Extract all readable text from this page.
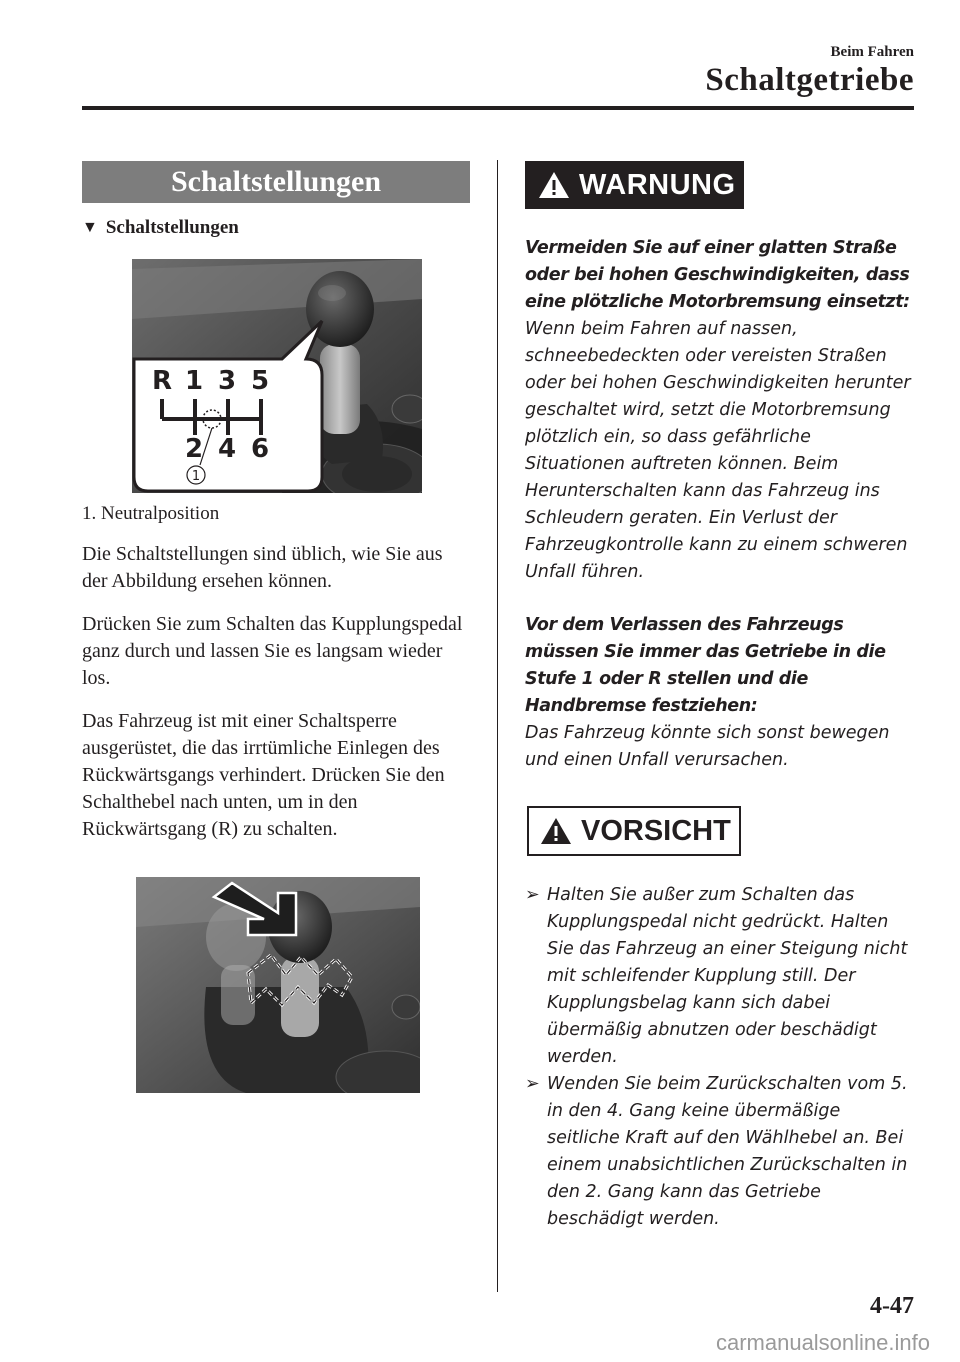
Beim Fahren
Schaltgetriebe
Schaltstellungen
▼ Schaltstellungen
R 1 3 5
2 4 6
1
1. Neutralposition
Die Schaltstellungen sind üblich, wie Sie aus der Abbildung ersehen können.
Drücken Sie zum Schalten das Kupplungspedal ganz durch und lassen Sie es langsam wieder los.
Das Fahrzeug ist mit einer Schaltsperre ausgerüstet, die das irrtümliche Einlegen des Rückwärtsgangs verhindert. Drücken Sie den Schalthebel nach unten, um in den Rückwärtsgang (R) zu schalten.
WARNUNG
Vermeiden Sie auf einer glatten Straße oder bei hohen Geschwindigkeiten, dass eine plötzliche Motorbremsung einsetzt:
Wenn beim Fahren auf nassen, schneebedeckten oder vereisten Straßen oder bei hohen Geschwindigkeiten herunter geschaltet wird, setzt die Motorbremsung plötzlich ein, so dass gefährliche Situationen auftreten können. Beim Herunterschalten kann das Fahrzeug ins Schleudern geraten. Ein Verlust der Fahrzeugkontrolle kann zu einem schweren Unfall führen.
Vor dem Verlassen des Fahrzeugs müssen Sie immer das Getriebe in die Stufe 1 oder R stellen und die Handbremse festziehen:
Das Fahrzeug könnte sich sonst bewegen und einen Unfall verursachen.
VORSICHT
➢ Halten Sie außer zum Schalten das Kupplungspedal nicht gedrückt. Halten Sie das Fahrzeug an einer Steigung nicht mit schleifender Kupplung still. Der Kupplungsbelag kann sich dabei übermäßig abnutzen oder beschädigt werden.
➢ Wenden Sie beim Zurückschalten vom 5. in den 4. Gang keine übermäßige seitliche Kraft auf den Wählhebel an. Bei einem unabsichtlichen Zurückschalten in den 2. Gang kann das Getriebe beschädigt werden.
4-47
carmanualsonline.info
